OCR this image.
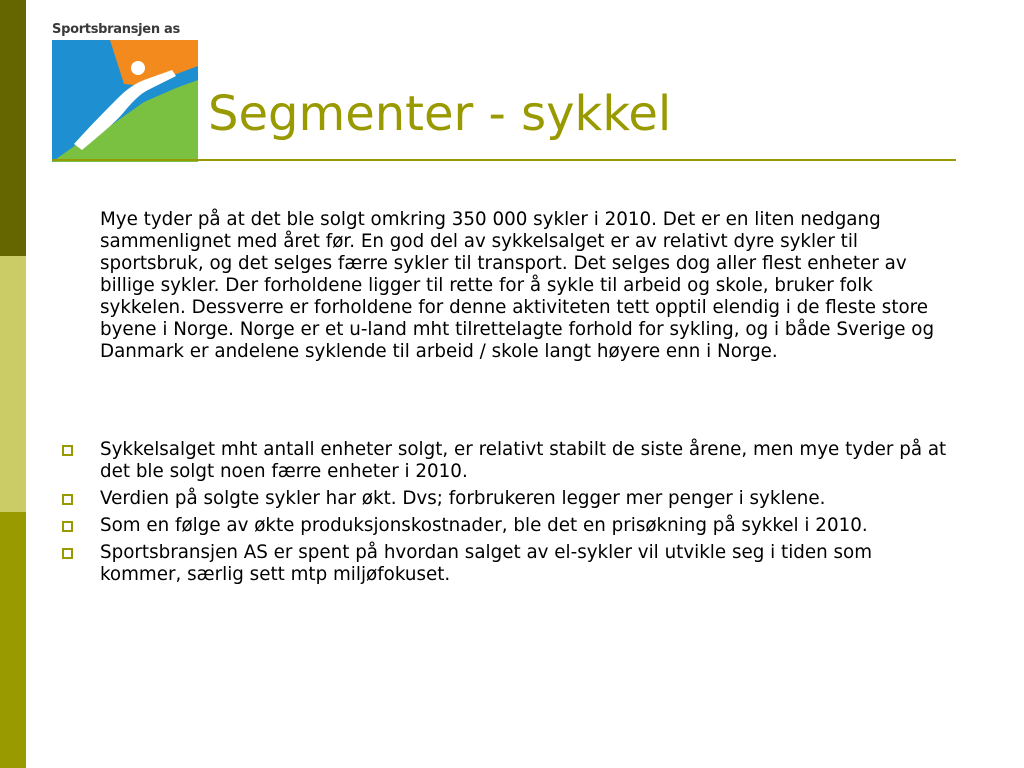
Sportsbransjen as
Segmenter - sykkel

Mye tyder på at det ble solgt omkring 350 000 sykler i 2010. Det er en liten nedgang sammenlignet med året før. En god del av sykkelsalget er av relativt dyre sykler til sportsbruk, og det selges færre sykler til transport. Det selges dog aller flest enheter av billige sykler. Der forholdene ligger til rette for å sykle til arbeid og skole, bruker folk sykkelen. Dessverre er forholdene for denne aktiviteten tett opptil elendig i de fleste store byene i Norge. Norge er et u-land mht tilrettelagte forhold for sykling, og i både Sverige og Danmark er andelene syklende til arbeid / skole langt høyere enn i Norge.

Sykkelsalget mht antall enheter solgt, er relativt stabilt de siste årene, men mye tyder på at det ble solgt noen færre enheter i 2010.
Verdien på solgte sykler har økt. Dvs; forbrukeren legger mer penger i syklene.
Som en følge av økte produksjonskostnader, ble det en prisøkning på sykkel i 2010.
Sportsbransjen AS er spent på hvordan salget av el-sykler vil utvikle seg i tiden som kommer, særlig sett mtp miljøfokuset.
